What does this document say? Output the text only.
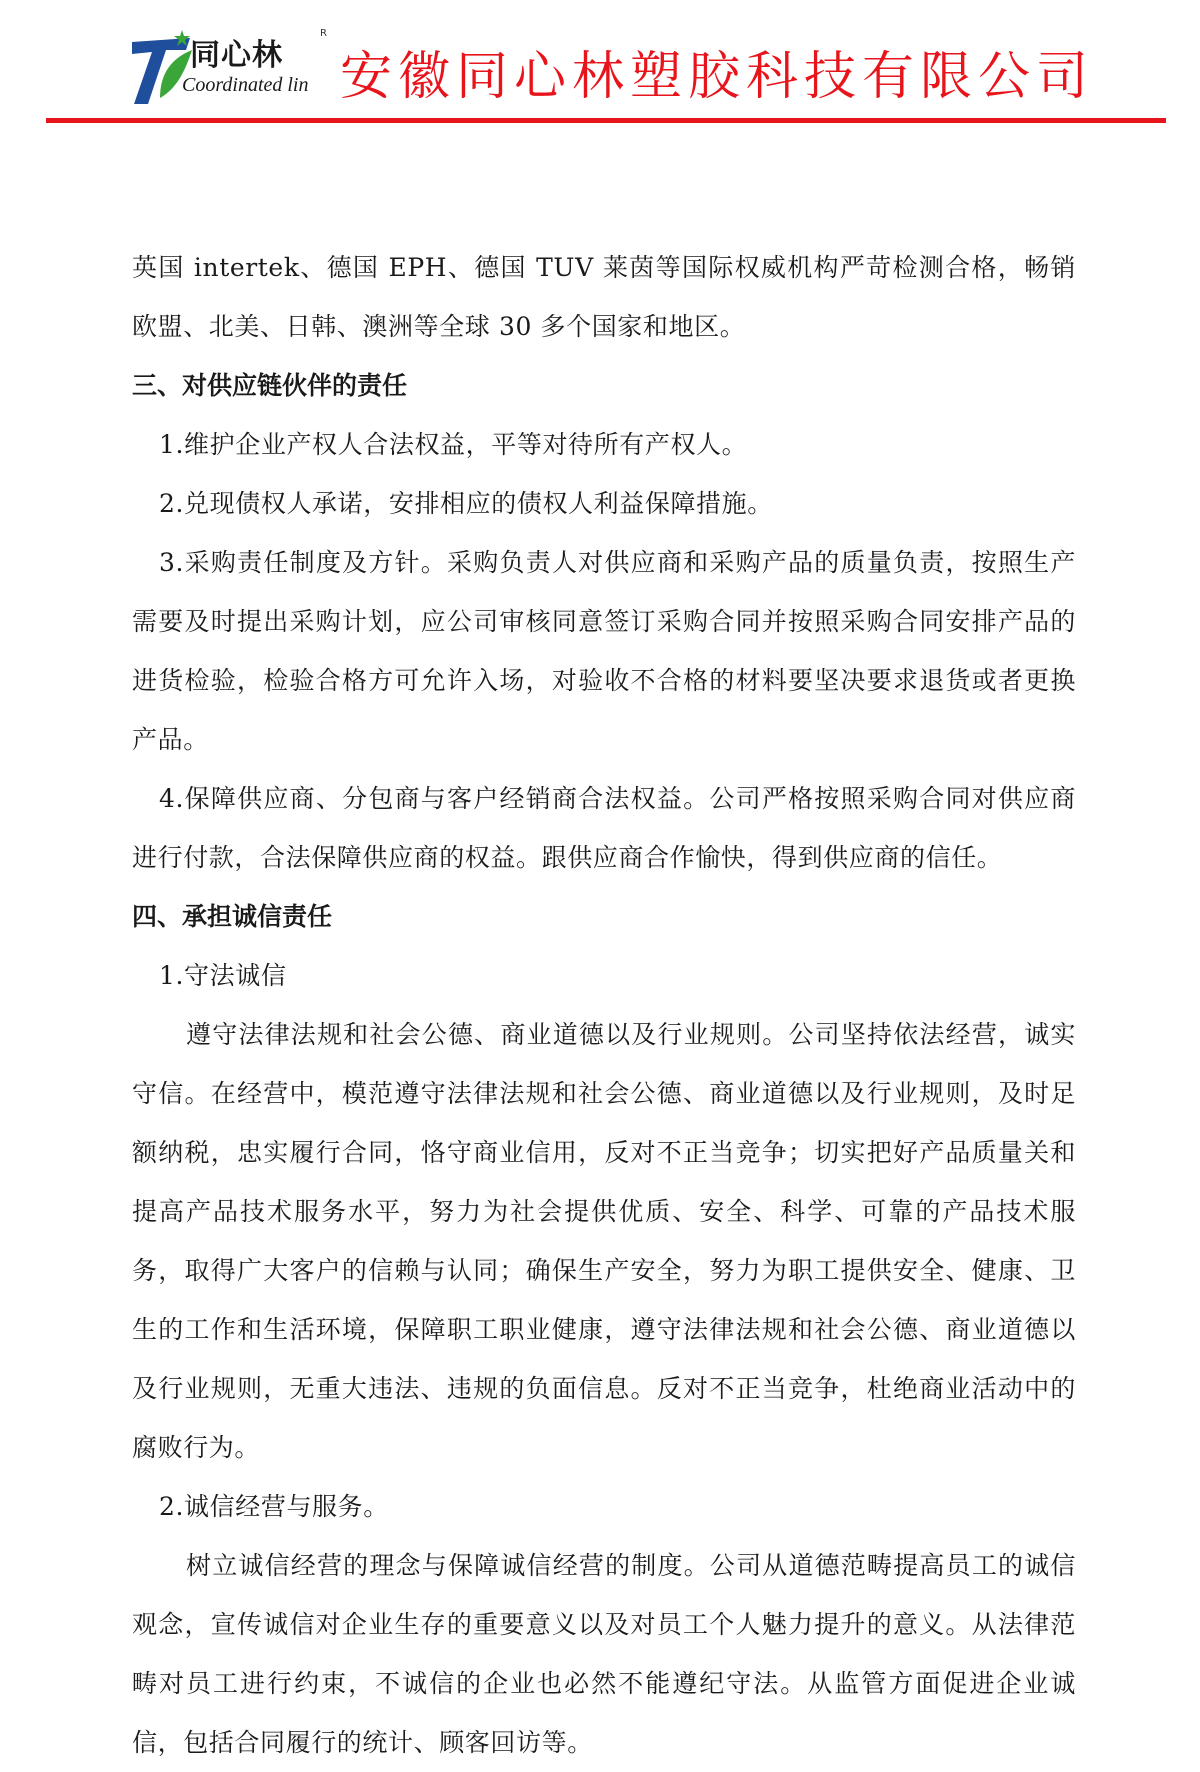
同心林
R
Coordinated lin 安徽同心林塑胶科技有限公司

英国 intertek、德国 EPH、德国 TUV 莱茵等国际权威机构严苛检测合格，畅销欧盟、北美、日韩、澳洲等全球 30 多个国家和地区。

三、对供应链伙伴的责任

1.维护企业产权人合法权益，平等对待所有产权人。

2.兑现债权人承诺，安排相应的债权人利益保障措施。

3.采购责任制度及方针。采购负责人对供应商和采购产品的质量负责，按照生产需要及时提出采购计划，应公司审核同意签订采购合同并按照采购合同安排产品的进货检验，检验合格方可允许入场，对验收不合格的材料要坚决要求退货或者更换产品。

4.保障供应商、分包商与客户经销商合法权益。公司严格按照采购合同对供应商进行付款，合法保障供应商的权益。跟供应商合作愉快，得到供应商的信任。

四、承担诚信责任

1.守法诚信

遵守法律法规和社会公德、商业道德以及行业规则。公司坚持依法经营，诚实守信。在经营中，模范遵守法律法规和社会公德、商业道德以及行业规则，及时足额纳税，忠实履行合同，恪守商业信用，反对不正当竞争；切实把好产品质量关和提高产品技术服务水平，努力为社会提供优质、安全、科学、可靠的产品技术服务，取得广大客户的信赖与认同；确保生产安全，努力为职工提供安全、健康、卫生的工作和生活环境，保障职工职业健康，遵守法律法规和社会公德、商业道德以及行业规则，无重大违法、违规的负面信息。反对不正当竞争，杜绝商业活动中的腐败行为。

2.诚信经营与服务。

树立诚信经营的理念与保障诚信经营的制度。公司从道德范畴提高员工的诚信观念，宣传诚信对企业生存的重要意义以及对员工个人魅力提升的意义。从法律范畴对员工进行约束，不诚信的企业也必然不能遵纪守法。从监管方面促进企业诚信，包括合同履行的统计、顾客回访等。
